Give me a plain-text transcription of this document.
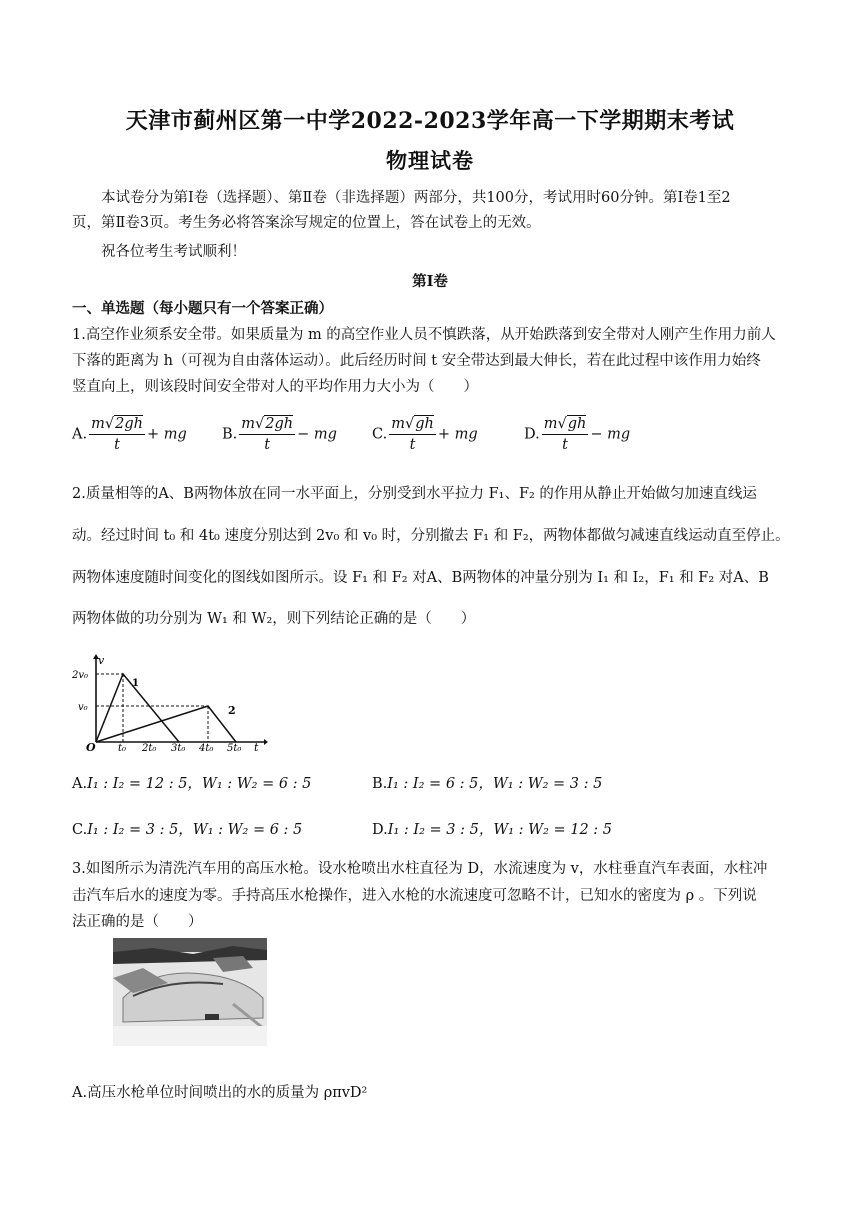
天津市蓟州区第一中学2022-2023学年高一下学期期末考试
物理试卷
本试卷分为第Ⅰ卷（选择题）、第Ⅱ卷（非选择题）两部分，共100分，考试用时60分钟。第Ⅰ卷1至2
页，第Ⅱ卷3页。考生务必将答案涂写规定的位置上，答在试卷上的无效。
祝各位考生考试顺利！
第Ⅰ卷
一、单选题（每小题只有一个答案正确）
1.高空作业须系安全带。如果质量为 m 的高空作业人员不慎跌落，从开始跌落到安全带对人刚产生作用力前人
下落的距离为 h（可视为自由落体运动）。此后经历时间 t 安全带达到最大伸长，若在此过程中该作用力始终
竖直向上，则该段时间安全带对人的平均作用力大小为（　　）
A. $\frac{m√2gh}{t}$ + mg B. $\frac{m√2gh}{t}$ − mg C. $\frac{m√gh}{t}$ + mg	D. $\frac{m√gh}{t}$ − mg
2.质量相等的A、B两物体放在同一水平面上，分别受到水平拉力 F₁、F₂ 的作用从静止开始做匀加速直线运
动。经过时间 t₀ 和 4t₀ 速度分别达到 2v₀ 和 v₀ 时，分别撤去 F₁ 和 F₂，两物体都做匀减速直线运动直至停止。
两物体速度随时间变化的图线如图所示。设 F₁ 和 F₂ 对A、B两物体的冲量分别为 I₁ 和 I₂，F₁ 和 F₂ 对A、B
两物体做的功分别为 W₁ 和 W₂，则下列结论正确的是（　　）
v
t
O
2v₀
v₀
t₀ 2t₀ 3t₀ 4t₀ 5t₀
1
2
A.I₁ : I₂ = 12 : 5，W₁ : W₂ = 6 : 5	B.I₁ : I₂ = 6 : 5，W₁ : W₂ = 3 : 5
C.I₁ : I₂ = 3 : 5，W₁ : W₂ = 6 : 5	D.I₁ : I₂ = 3 : 5，W₁ : W₂ = 12 : 5
3.如图所示为清洗汽车用的高压水枪。设水枪喷出水柱直径为 D，水流速度为 v，水柱垂直汽车表面，水柱冲
击汽车后水的速度为零。手持高压水枪操作，进入水枪的水流速度可忽略不计，已知水的密度为 ρ 。下列说
法正确的是（　　）
A.高压水枪单位时间喷出的水的质量为 ρπvD²
